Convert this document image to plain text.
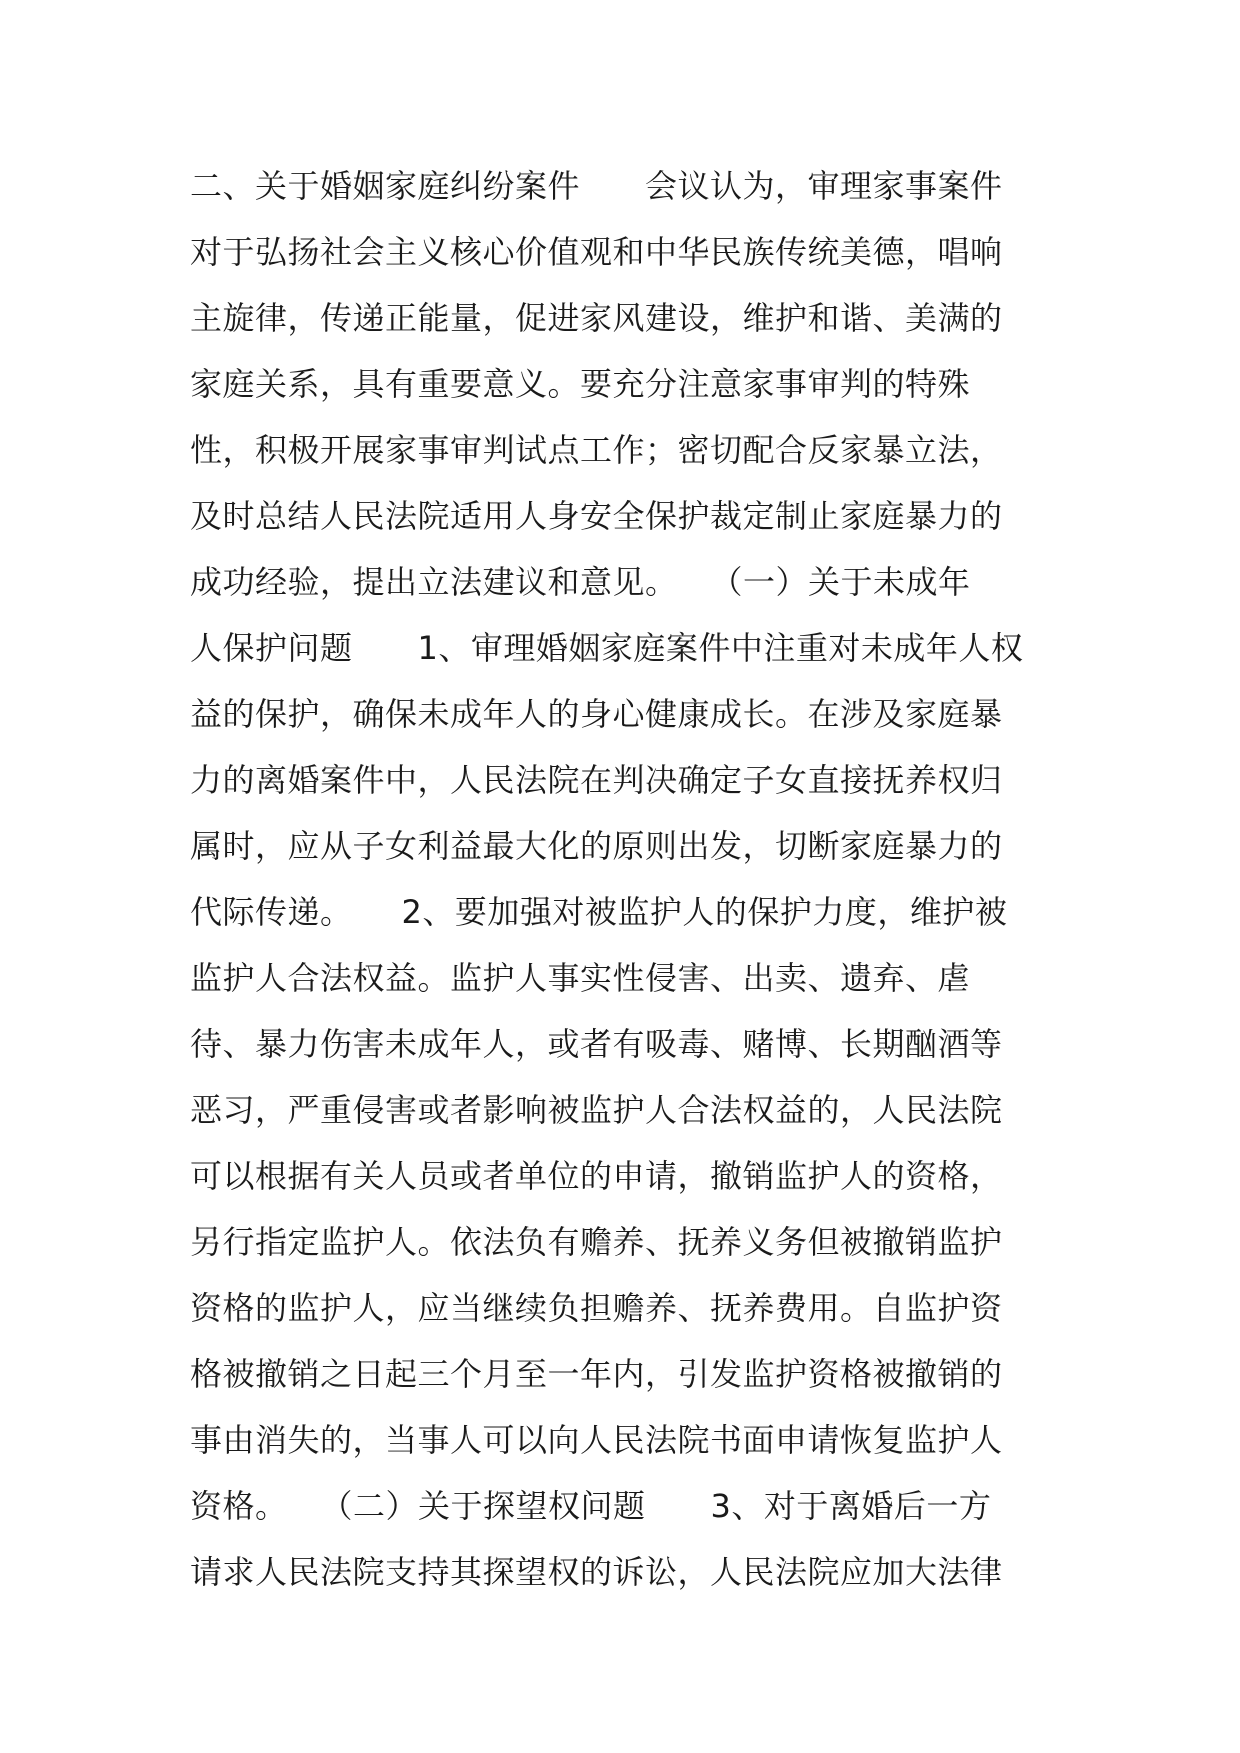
二、关于婚姻家庭纠纷案件　　会议认为，审理家事案件
对于弘扬社会主义核心价值观和中华民族传统美德，唱响
主旋律，传递正能量，促进家风建设，维护和谐、美满的
家庭关系，具有重要意义。要充分注意家事审判的特殊
性，积极开展家事审判试点工作；密切配合反家暴立法，
及时总结人民法院适用人身安全保护裁定制止家庭暴力的
成功经验，提出立法建议和意见。　　（一）关于未成年
人保护问题　　1、审理婚姻家庭案件中注重对未成年人权
益的保护，确保未成年人的身心健康成长。在涉及家庭暴
力的离婚案件中，人民法院在判决确定子女直接抚养权归
属时，应从子女利益最大化的原则出发，切断家庭暴力的
代际传递。　　2、要加强对被监护人的保护力度，维护被
监护人合法权益。监护人事实性侵害、出卖、遗弃、虐
待、暴力伤害未成年人，或者有吸毒、赌博、长期酗酒等
恶习，严重侵害或者影响被监护人合法权益的，人民法院
可以根据有关人员或者单位的申请，撤销监护人的资格，
另行指定监护人。依法负有赡养、抚养义务但被撤销监护
资格的监护人，应当继续负担赡养、抚养费用。自监护资
格被撤销之日起三个月至一年内，引发监护资格被撤销的
事由消失的，当事人可以向人民法院书面申请恢复监护人
资格。　　（二）关于探望权问题　　3、对于离婚后一方
请求人民法院支持其探望权的诉讼，人民法院应加大法律
